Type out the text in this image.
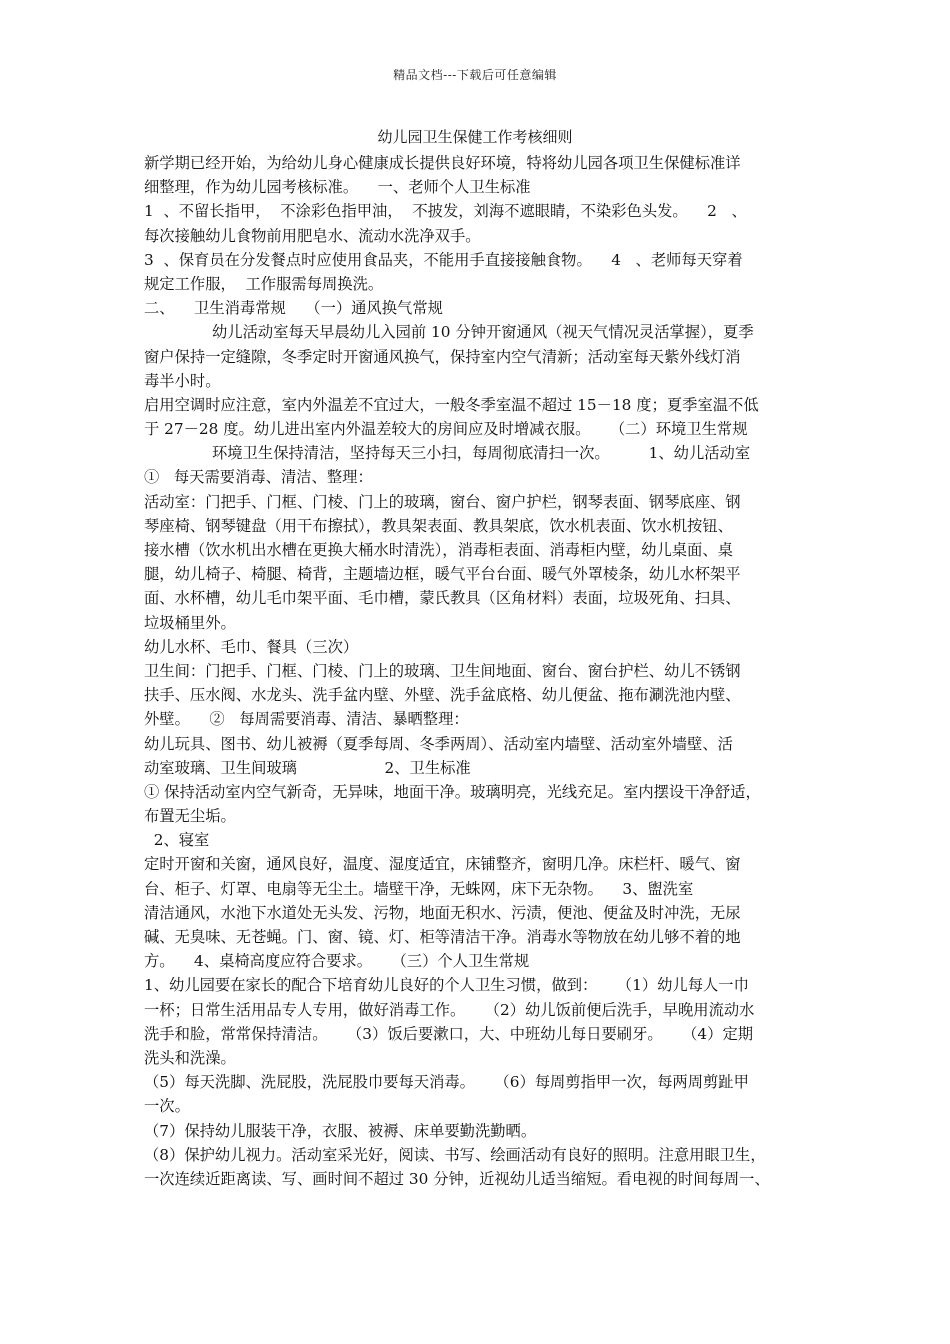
精品文档---下载后可任意编辑
幼儿园卫生保健工作考核细则
新学期已经开始，为给幼儿身心健康成长提供良好环境，特将幼儿园各项卫生保健标准详
细整理，作为幼儿园考核标准。    一、老师个人卫生标准
1  、不留长指甲，  不涂彩色指甲油，  不披发，刘海不遮眼睛，不染彩色头发。    2   、
每次接触幼儿食物前用肥皂水、流动水洗净双手。
3  、保育员在分发餐点时应使用食品夹，不能用手直接接触食物。    4   、老师每天穿着
规定工作服，  工作服需每周换洗。
二、    卫生消毒常规    （一）通风换气常规
幼儿活动室每天早晨幼儿入园前 10 分钟开窗通风（视天气情况灵活掌握），夏季
窗户保持一定缝隙，冬季定时开窗通风换气，保持室内空气清新；活动室每天紫外线灯消
毒半小时。
启用空调时应注意，室内外温差不宜过大，一般冬季室温不超过 15－18 度；夏季室温不低
于 27－28 度。幼儿进出室内外温差较大的房间应及时增减衣服。    （二）环境卫生常规
环境卫生保持清洁，坚持每天三小扫，每周彻底清扫一次。        1、幼儿活动室
①   每天需要消毒、清洁、整理：
活动室：门把手、门框、门棱、门上的玻璃，窗台、窗户护栏，钢琴表面、钢琴底座、钢
琴座椅、钢琴键盘（用干布擦拭），教具架表面、教具架底，饮水机表面、饮水机按钮、
接水槽（饮水机出水槽在更换大桶水时清洗），消毒柜表面、消毒柜内壁，幼儿桌面、桌
腿，幼儿椅子、椅腿、椅背，主题墙边框，暖气平台台面、暖气外罩棱条，幼儿水杯架平
面、水杯槽，幼儿毛巾架平面、毛巾槽，蒙氏教具（区角材料）表面，垃圾死角、扫具、
垃圾桶里外。
幼儿水杯、毛巾、餐具（三次）
卫生间：门把手、门框、门棱、门上的玻璃、卫生间地面、窗台、窗台护栏、幼儿不锈钢
扶手、压水阀、水龙头、洗手盆内壁、外壁、洗手盆底格、幼儿便盆、拖布涮洗池内壁、
外壁。    ②   每周需要消毒、清洁、暴晒整理：
幼儿玩具、图书、幼儿被褥（夏季每周、冬季两周）、活动室内墙壁、活动室外墙壁、活
动室玻璃、卫生间玻璃                  2、卫生标准
① 保持活动室内空气新奇，无异味，地面干净。玻璃明亮，光线充足。室内摆设干净舒适，
布置无尘垢。
2、寝室
定时开窗和关窗，通风良好，温度、湿度适宜，床铺整齐，窗明几净。床栏杆、暖气、窗
台、柜子、灯罩、电扇等无尘土。墙壁干净，无蛛网，床下无杂物。    3、盥洗室
清洁通风，水池下水道处无头发、污物，地面无积水、污渍，便池、便盆及时冲洗，无尿
碱、无臭味、无苍蝇。门、窗、镜、灯、柜等清洁干净。消毒水等物放在幼儿够不着的地
方。    4、桌椅高度应符合要求。    （三）个人卫生常规
1、幼儿园要在家长的配合下培育幼儿良好的个人卫生习惯，做到：    （1）幼儿每人一巾
一杯；日常生活用品专人专用，做好消毒工作。    （2）幼儿饭前便后洗手，早晚用流动水
洗手和脸，常常保持清洁。    （3）饭后要漱口，大、中班幼儿每日要刷牙。    （4）定期
洗头和洗澡。
（5）每天洗脚、洗屁股，洗屁股巾要每天消毒。    （6）每周剪指甲一次，每两周剪趾甲
一次。
（7）保持幼儿服装干净，衣服、被褥、床单要勤洗勤晒。
（8）保护幼儿视力。活动室采光好，阅读、书写、绘画活动有良好的照明。注意用眼卫生，
一次连续近距离读、写、画时间不超过 30 分钟，近视幼儿适当缩短。看电视的时间每周一、
